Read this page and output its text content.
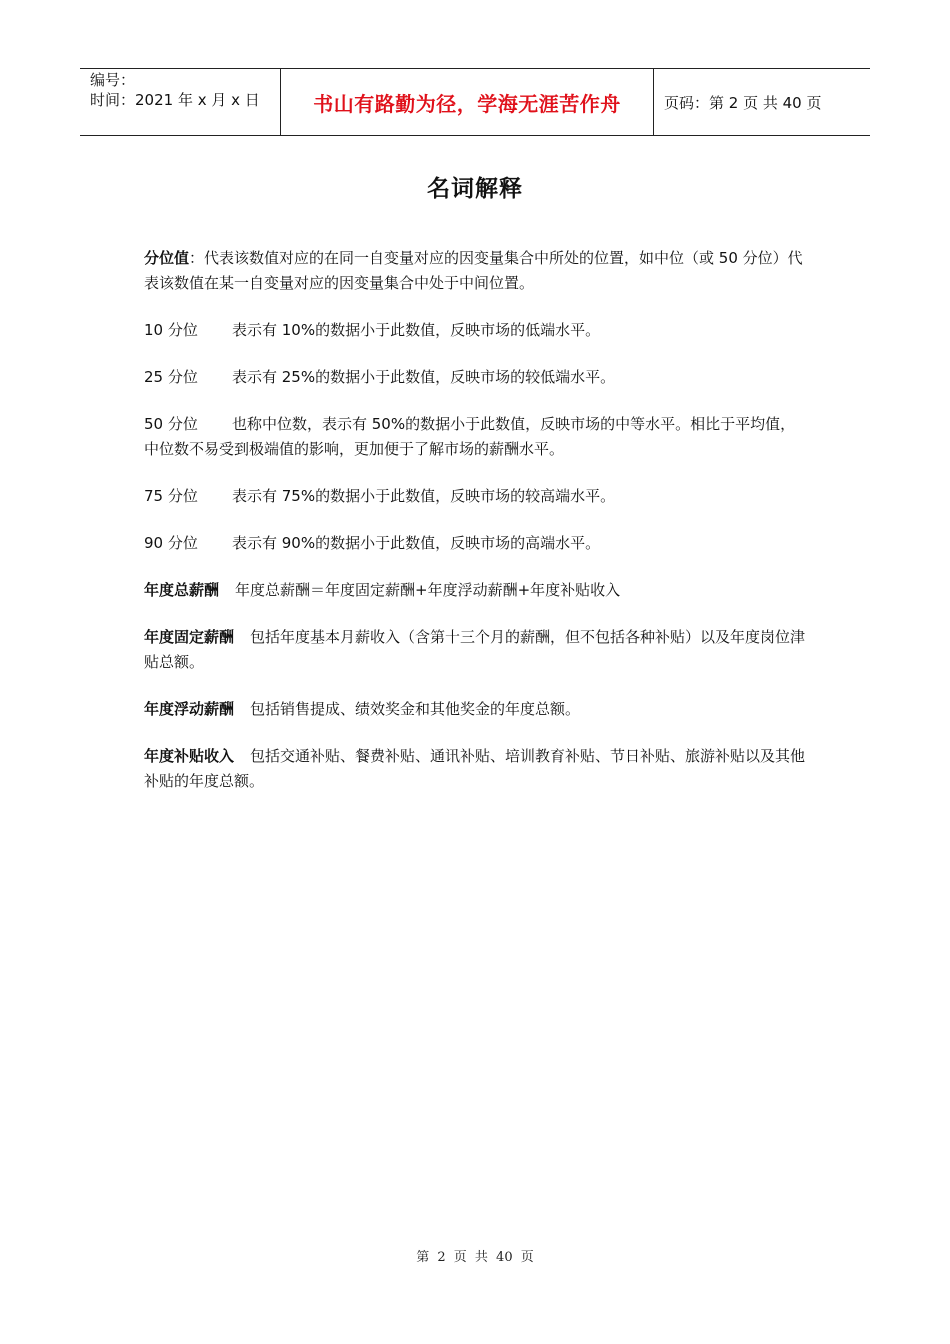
编号：
时间：2021 年 x 月 x 日	书山有路勤为径，学海无涯苦作舟	页码：第 2 页 共 40 页
名词解释

分位值：代表该数值对应的在同一自变量对应的因变量集合中所处的位置，如中位（或 50 分位）代表该数值在某一自变量对应的因变量集合中处于中间位置。

10 分位 表示有 10%的数据小于此数值，反映市场的低端水平。

25 分位 表示有 25%的数据小于此数值，反映市场的较低端水平。

50 分位 也称中位数，表示有 50%的数据小于此数值，反映市场的中等水平。相比于平均值，中位数不易受到极端值的影响，更加便于了解市场的薪酬水平。

75 分位 表示有 75%的数据小于此数值，反映市场的较高端水平。

90 分位 表示有 90%的数据小于此数值，反映市场的高端水平。

年度总薪酬 年度总薪酬＝年度固定薪酬+年度浮动薪酬+年度补贴收入

年度固定薪酬 包括年度基本月薪收入（含第十三个月的薪酬，但不包括各种补贴）以及年度岗位津贴总额。

年度浮动薪酬 包括销售提成、绩效奖金和其他奖金的年度总额。

年度补贴收入 包括交通补贴、餐费补贴、通讯补贴、培训教育补贴、节日补贴、旅游补贴以及其他补贴的年度总额。

第 2 页 共 40 页
